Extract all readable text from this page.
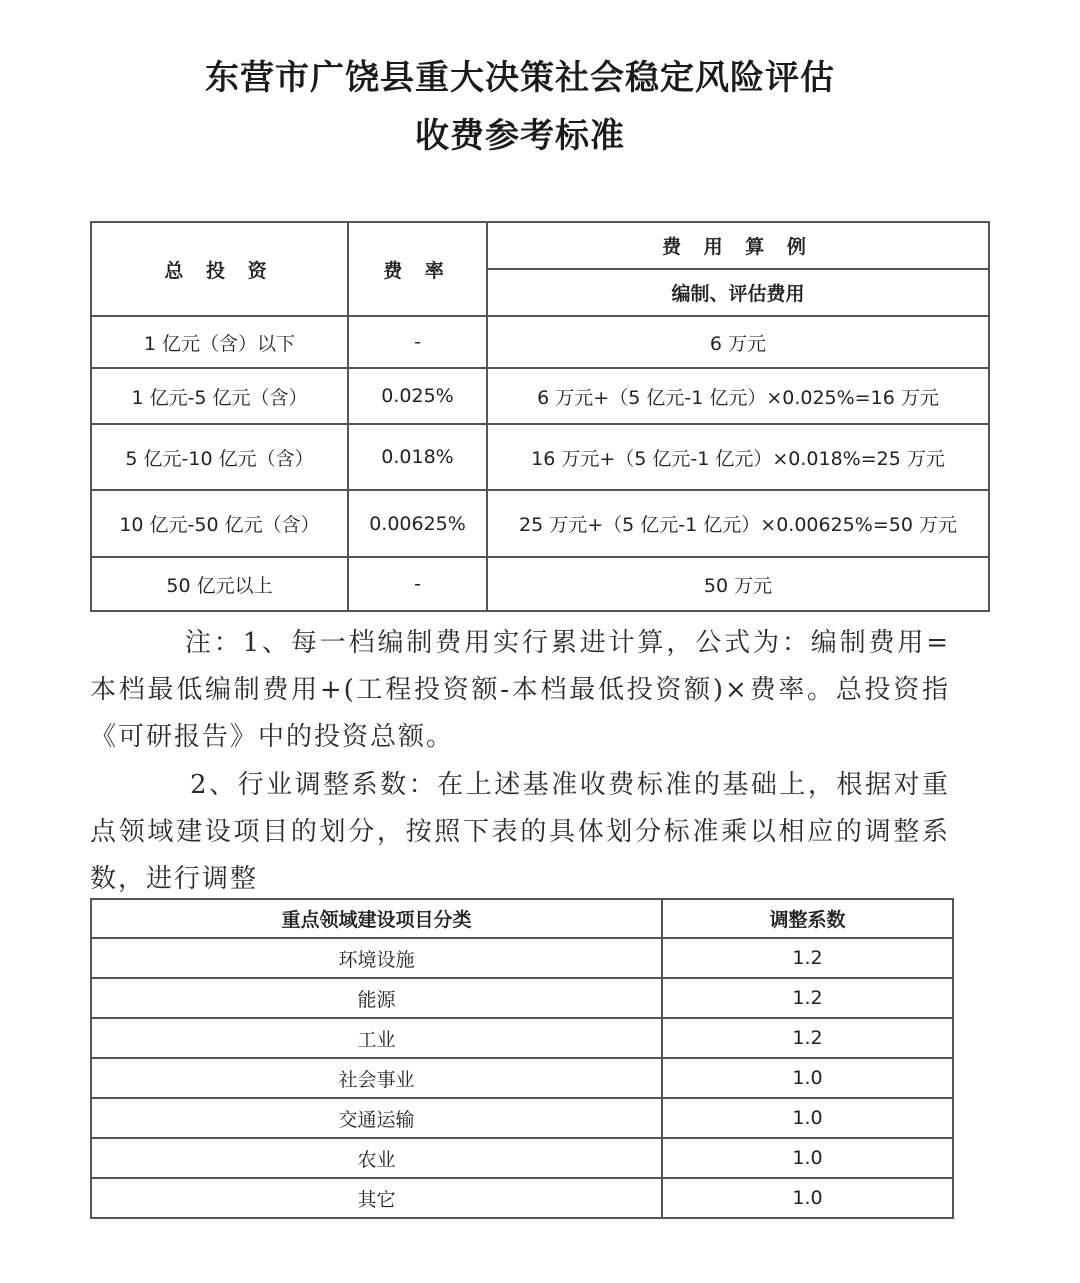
东营市广饶县重大决策社会稳定风险评估
收费参考标准
总 投 资	费 率	费 用 算 例
		编制、评估费用
1 亿元（含）以下	-	6 万元
1 亿元-5 亿元（含）	0.025%	6 万元+（5 亿元-1 亿元）×0.025%=16 万元
5 亿元-10 亿元（含）	0.018%	16 万元+（5 亿元-1 亿元）×0.018%=25 万元
10 亿元-50 亿元（含）	0.00625%	25 万元+（5 亿元-1 亿元）×0.00625%=50 万元
50 亿元以上	-	50 万元
注：1、每一档编制费用实行累进计算，公式为：编制费用=本档最低编制费用+(工程投资额-本档最低投资额)×费率。总投资指《可研报告》中的投资总额。
2、行业调整系数：在上述基准收费标准的基础上，根据对重点领域建设项目的划分，按照下表的具体划分标准乘以相应的调整系数，进行调整
重点领域建设项目分类	调整系数
环境设施	1.2
能源	1.2
工业	1.2
社会事业	1.0
交通运输	1.0
农业	1.0
其它	1.0
